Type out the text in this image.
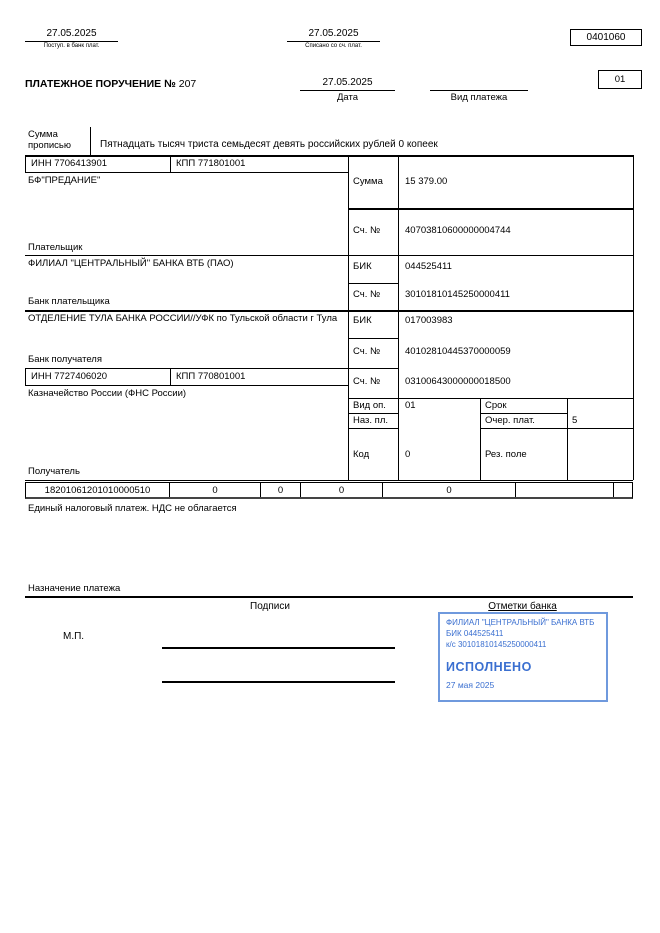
27.05.2025
Поступ. в банк плат.
27.05.2025
Списано со сч. плат.
0401060
ПЛАТЕЖНОЕ ПОРУЧЕНИЕ № 207	27.05.2025
Дата	Вид платежа
01
Сумма прописью	Пятнадцать тысяч триста семьдесят девять российских рублей 0 копеек
ИНН 7706413901	КПП 771801001
БФ"ПРЕДАНИЕ"
Плательщик
Сумма 15 379.00
Сч. №	40703810600000004744
ФИЛИАЛ "ЦЕНТРАЛЬНЫЙ" БАНКА ВТБ (ПАО)
Банк плательщика
БИК	044525411
Сч. №	30101810145250000411
ОТДЕЛЕНИЕ ТУЛА БАНКА РОССИИ//УФК по Тульской области г Тула
Банк получателя
БИК	017003983
Сч. №	40102810445370000059
ИНН 7727406020	КПП 770801001
Казначейство России (ФНС России)
Получатель
Сч. №	03100643000000018500
Вид оп. 01	Срок
Наз. пл.	Очер. плат.	5
Код	0	Рез. поле
18201061201010000510	0	0	0	0
Единый налоговый платеж. НДС не облагается
Назначение платежа
Подписи	Отметки банка
М.П.
ФИЛИАЛ "ЦЕНТРАЛЬНЫЙ" БАНКА ВТБ
БИК 044525411
к/с 30101810145250000411
ИСПОЛНЕНО
27 мая 2025
